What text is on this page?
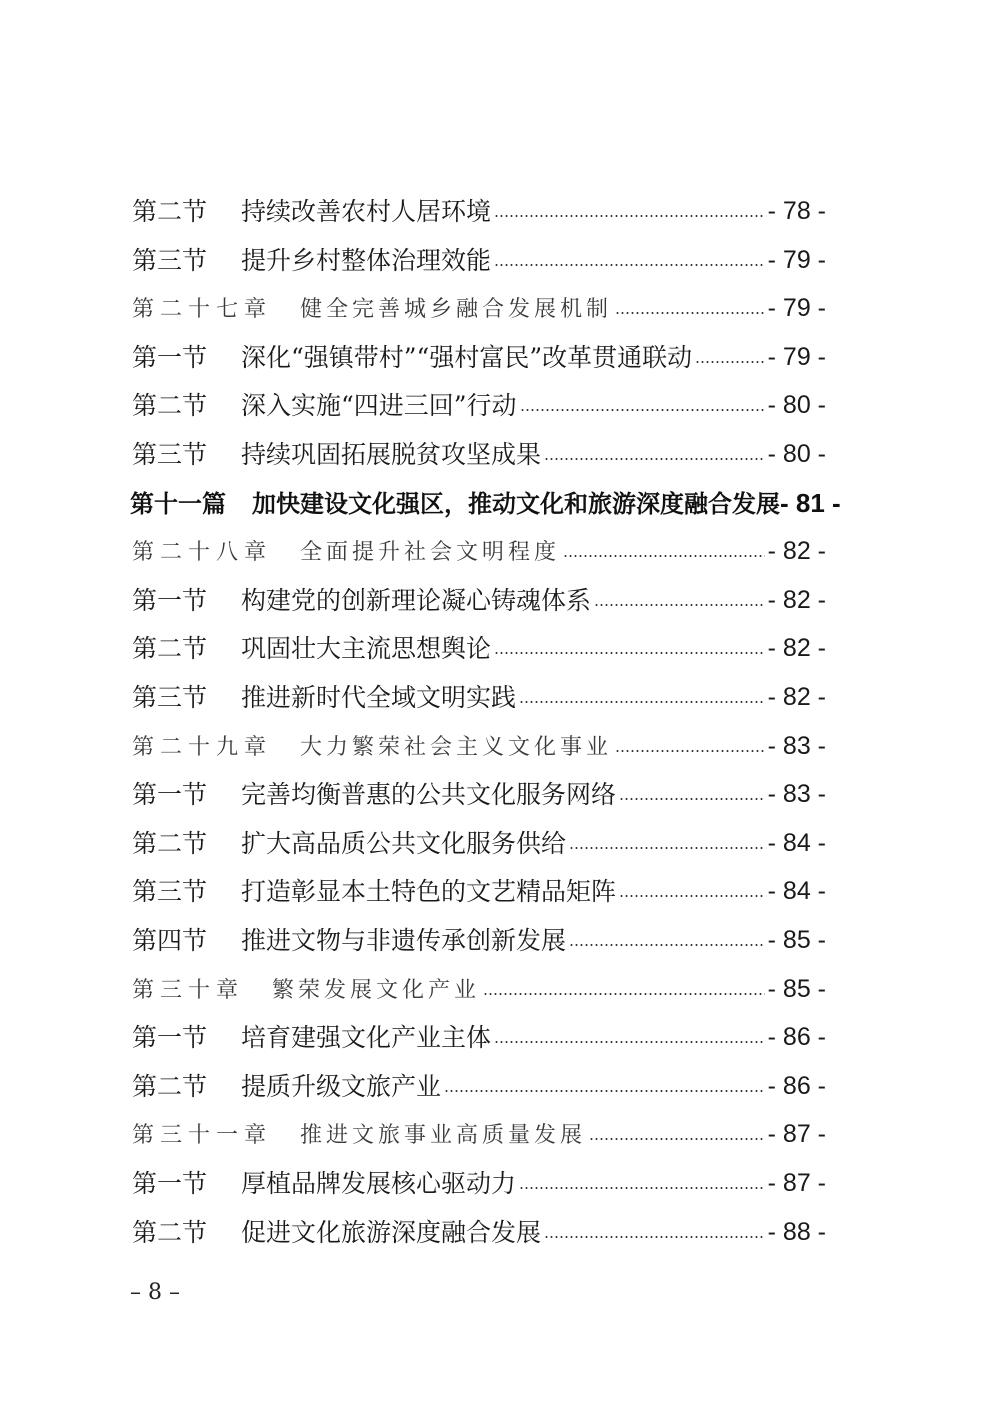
第二节	持续改善农村人居环境	- 78 -
第三节	提升乡村整体治理效能	- 79 -
第二十七章 健全完善城乡融合发展机制	- 79 -
第一节	深化“强镇带村”“强村富民”改革贯通联动	- 79 -
第二节	深入实施“四进三回”行动	- 80 -
第三节	持续巩固拓展脱贫攻坚成果	- 80 -
第十一篇	加快建设文化强区，推动文化和旅游深度融合发展 - 81 -
第二十八章 全面提升社会文明程度	- 82 -
第一节	构建党的创新理论凝心铸魂体系	- 82 -
第二节	巩固壮大主流思想舆论	- 82 -
第三节	推进新时代全域文明实践	- 82 -
第二十九章 大力繁荣社会主义文化事业	- 83 -
第一节	完善均衡普惠的公共文化服务网络	- 83 -
第二节	扩大高品质公共文化服务供给	- 84 -
第三节	打造彰显本土特色的文艺精品矩阵	- 84 -
第四节	推进文物与非遗传承创新发展	- 85 -
第三十章 繁荣发展文化产业	- 85 -
第一节	培育建强文化产业主体	- 86 -
第二节	提质升级文旅产业	- 86 -
第三十一章 推进文旅事业高质量发展	- 87 -
第一节	厚植品牌发展核心驱动力	- 87 -
第二节	促进文化旅游深度融合发展	- 88 -
– 8 –
